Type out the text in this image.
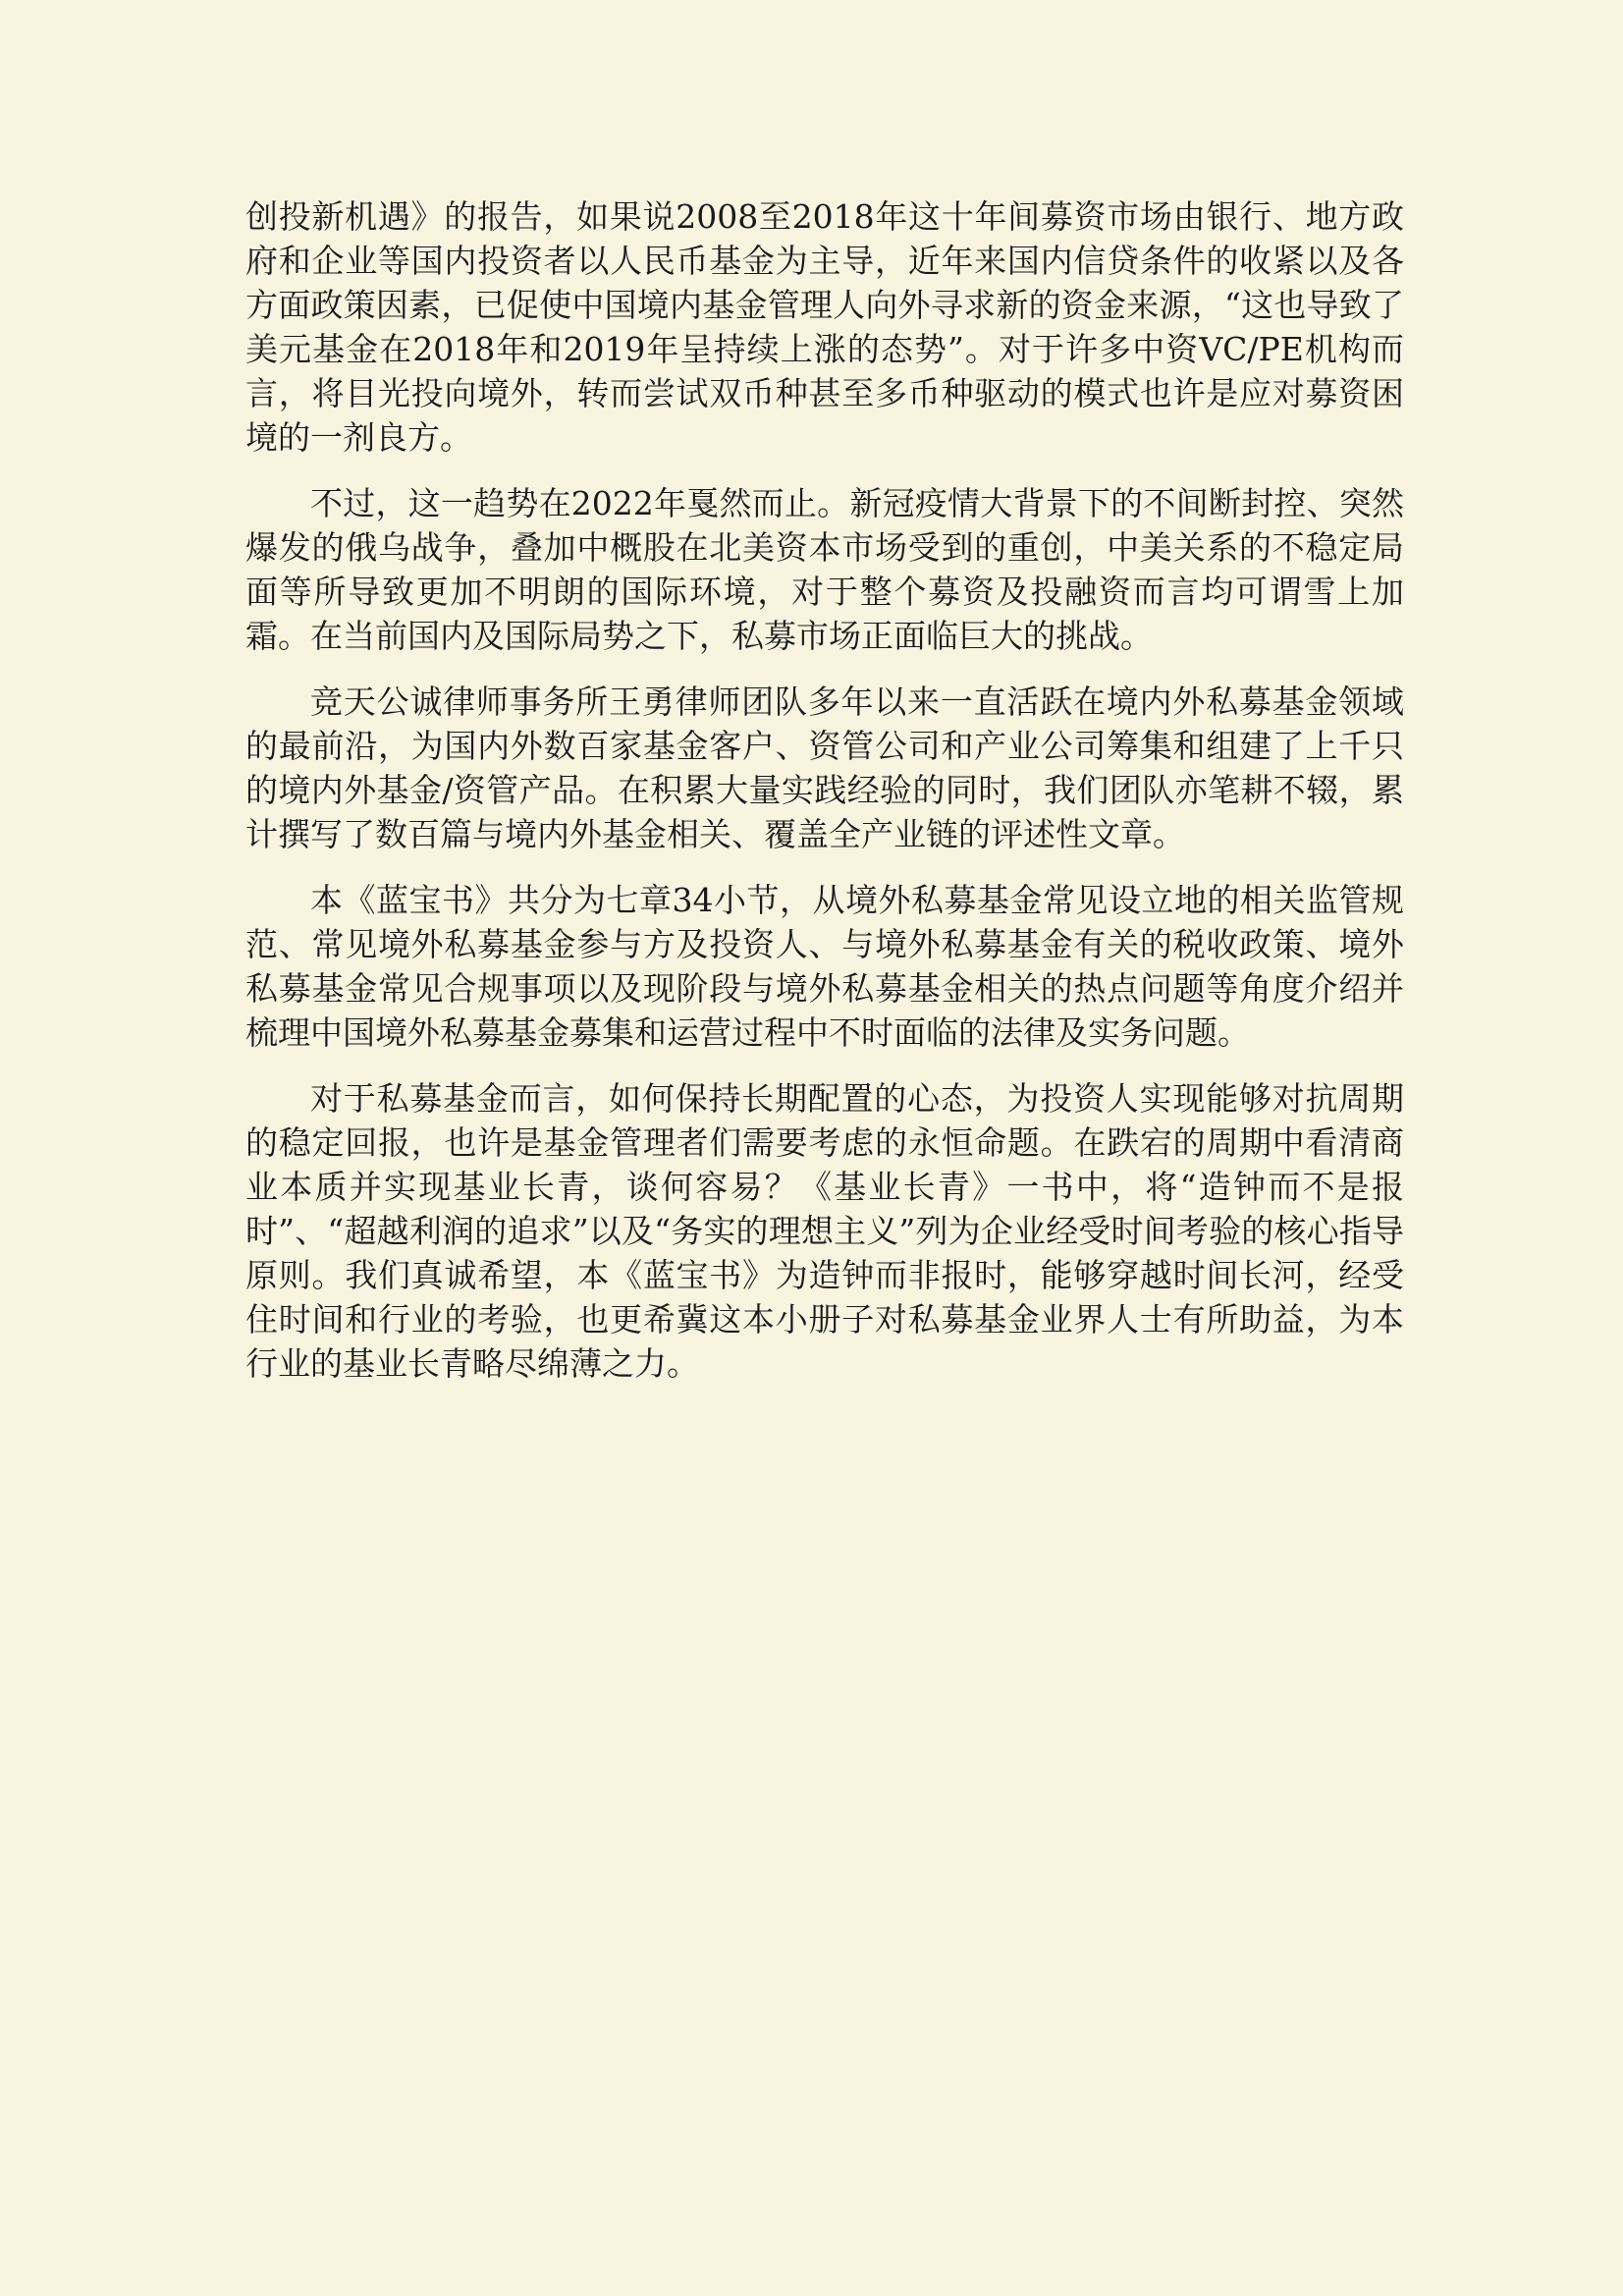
创投新机遇》的报告，如果说2008至2018年这十年间募资市场由银行、地方政府和企业等国内投资者以人民币基金为主导，近年来国内信贷条件的收紧以及各方面政策因素，已促使中国境内基金管理人向外寻求新的资金来源，“这也导致了美元基金在2018年和2019年呈持续上涨的态势”。对于许多中资VC/PE机构而言，将目光投向境外，转而尝试双币种甚至多币种驱动的模式也许是应对募资困境的一剂良方。

不过，这一趋势在2022年戛然而止。新冠疫情大背景下的不间断封控、突然爆发的俄乌战争，叠加中概股在北美资本市场受到的重创，中美关系的不稳定局面等所导致更加不明朗的国际环境，对于整个募资及投融资而言均可谓雪上加霜。在当前国内及国际局势之下，私募市场正面临巨大的挑战。

竞天公诚律师事务所王勇律师团队多年以来一直活跃在境内外私募基金领域的最前沿，为国内外数百家基金客户、资管公司和产业公司筹集和组建了上千只的境内外基金/资管产品。在积累大量实践经验的同时，我们团队亦笔耕不辍，累计撰写了数百篇与境内外基金相关、覆盖全产业链的评述性文章。

本《蓝宝书》共分为七章34小节，从境外私募基金常见设立地的相关监管规范、常见境外私募基金参与方及投资人、与境外私募基金有关的税收政策、境外私募基金常见合规事项以及现阶段与境外私募基金相关的热点问题等角度介绍并梳理中国境外私募基金募集和运营过程中不时面临的法律及实务问题。

对于私募基金而言，如何保持长期配置的心态，为投资人实现能够对抗周期的稳定回报，也许是基金管理者们需要考虑的永恒命题。在跌宕的周期中看清商业本质并实现基业长青，谈何容易？《基业长青》一书中，将“造钟而不是报时”、“超越利润的追求”以及“务实的理想主义”列为企业经受时间考验的核心指导原则。我们真诚希望，本《蓝宝书》为造钟而非报时，能够穿越时间长河，经受住时间和行业的考验，也更希冀这本小册子对私募基金业界人士有所助益，为本行业的基业长青略尽绵薄之力。
